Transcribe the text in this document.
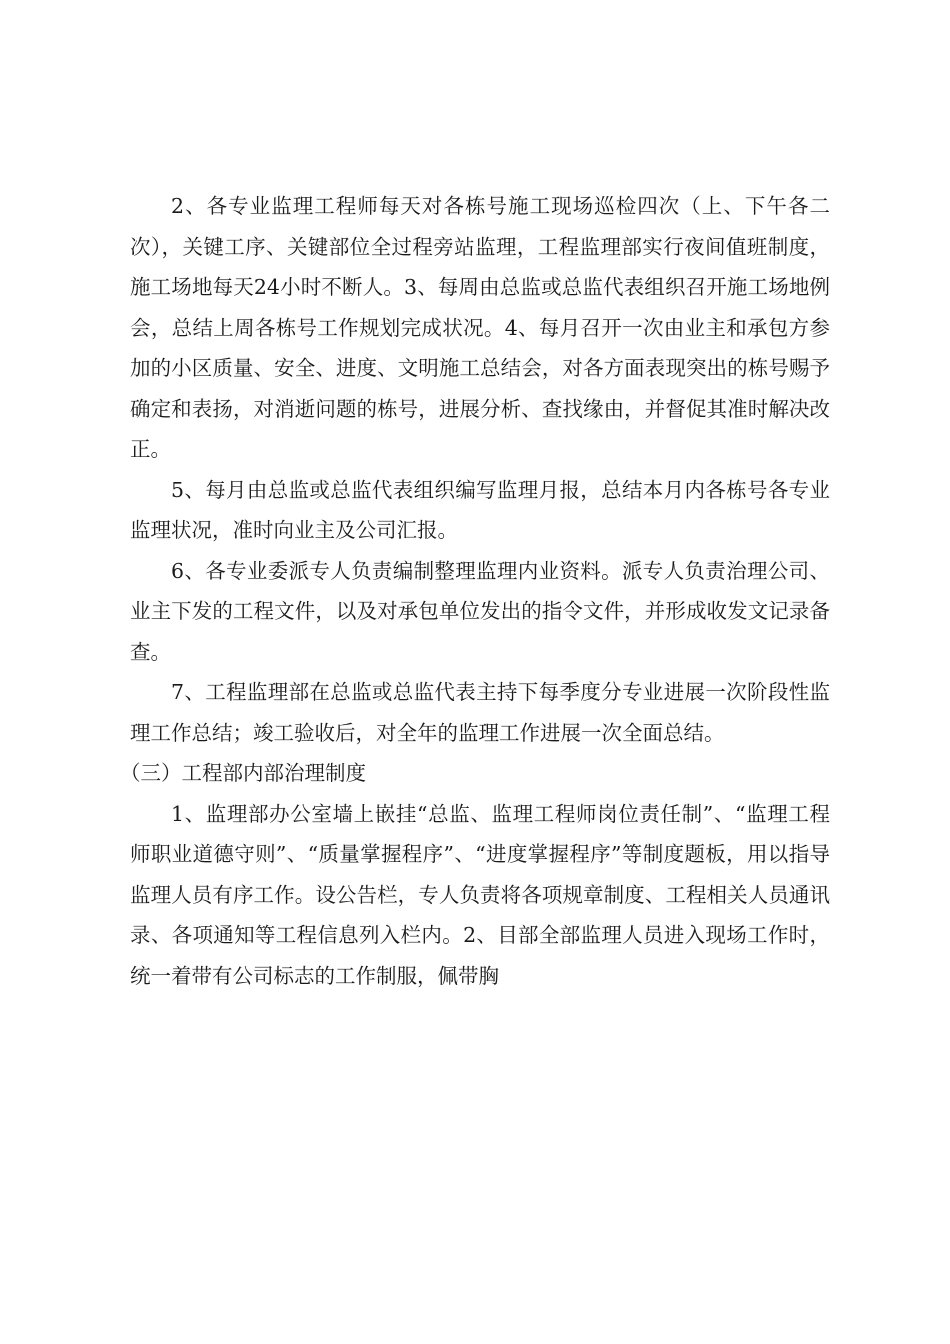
2、各专业监理工程师每天对各栋号施工现场巡检四次（上、下午各二次），关键工序、关键部位全过程旁站监理，工程监理部实行夜间值班制度，施工场地每天24小时不断人。3、每周由总监或总监代表组织召开施工场地例会，总结上周各栋号工作规划完成状况。4、每月召开一次由业主和承包方参加的小区质量、安全、进度、文明施工总结会，对各方面表现突出的栋号赐予确定和表扬，对消逝问题的栋号，进展分析、查找缘由，并督促其准时解决改正。

5、每月由总监或总监代表组织编写监理月报，总结本月内各栋号各专业监理状况，准时向业主及公司汇报。

6、各专业委派专人负责编制整理监理内业资料。派专人负责治理公司、业主下发的工程文件，以及对承包单位发出的指令文件，并形成收发文记录备查。

7、工程监理部在总监或总监代表主持下每季度分专业进展一次阶段性监理工作总结；竣工验收后，对全年的监理工作进展一次全面总结。

（三）工程部内部治理制度

1、监理部办公室墙上嵌挂“总监、监理工程师岗位责任制”、“监理工程师职业道德守则”、“质量掌握程序”、“进度掌握程序”等制度题板，用以指导监理人员有序工作。设公告栏，专人负责将各项规章制度、工程相关人员通讯录、各项通知等工程信息列入栏内。2、目部全部监理人员进入现场工作时，统一着带有公司标志的工作制服，佩带胸
